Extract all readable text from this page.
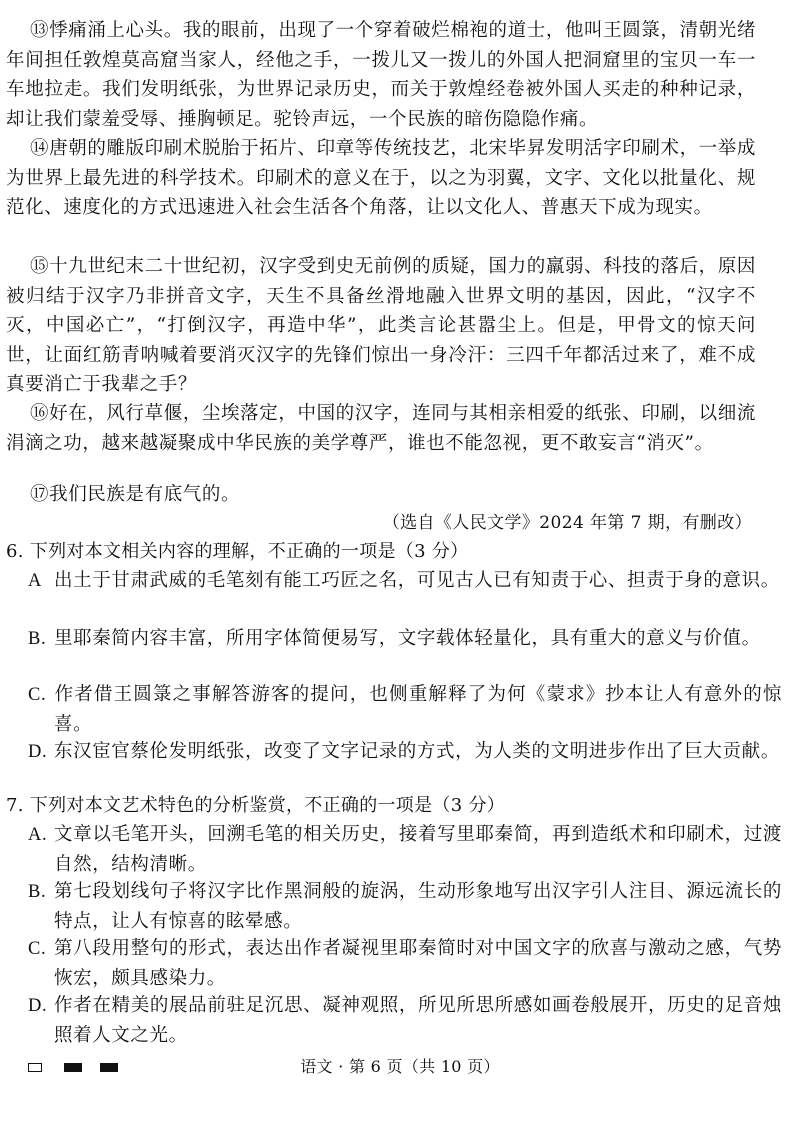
⑬悸痛涌上心头。我的眼前，出现了一个穿着破烂棉袍的道士，他叫王圆箓，清朝光绪年间担任敦煌莫高窟当家人，经他之手，一拨儿又一拨儿的外国人把洞窟里的宝贝一车一车地拉走。我们发明纸张，为世界记录历史，而关于敦煌经卷被外国人买走的种种记录，却让我们蒙羞受辱、捶胸顿足。驼铃声远，一个民族的暗伤隐隐作痛。

⑭唐朝的雕版印刷术脱胎于拓片、印章等传统技艺，北宋毕昇发明活字印刷术，一举成为世界上最先进的科学技术。印刷术的意义在于，以之为羽翼，文字、文化以批量化、规范化、速度化的方式迅速进入社会生活各个角落，让以文化人、普惠天下成为现实。

⑮十九世纪末二十世纪初，汉字受到史无前例的质疑，国力的羸弱、科技的落后，原因被归结于汉字乃非拼音文字，天生不具备丝滑地融入世界文明的基因，因此，“汉字不灭，中国必亡”，“打倒汉字，再造中华”，此类言论甚嚣尘上。但是，甲骨文的惊天问世，让面红筋青呐喊着要消灭汉字的先锋们惊出一身冷汗：三四千年都活过来了，难不成真要消亡于我辈之手？

⑯好在，风行草偃，尘埃落定，中国的汉字，连同与其相亲相爱的纸张、印刷，以细流涓滴之功，越来越凝聚成中华民族的美学尊严，谁也不能忽视，更不敢妄言“消灭”。

⑰我们民族是有底气的。

（选自《人民文学》2024 年第 7 期，有删改）

6. 下列对本文相关内容的理解，不正确的一项是（3 分）

A 出土于甘肃武威的毛笔刻有能工巧匠之名，可见古人已有知责于心、担责于身的意识。

B. 里耶秦简内容丰富，所用字体简便易写，文字载体轻量化，具有重大的意义与价值。

C. 作者借王圆箓之事解答游客的提问，也侧重解释了为何《蒙求》抄本让人有意外的惊喜。

D. 东汉宦官蔡伦发明纸张，改变了文字记录的方式，为人类的文明进步作出了巨大贡献。

7. 下列对本文艺术特色的分析鉴赏，不正确的一项是（3 分）

A. 文章以毛笔开头，回溯毛笔的相关历史，接着写里耶秦简，再到造纸术和印刷术，过渡自然，结构清晰。

B. 第七段划线句子将汉字比作黑洞般的旋涡，生动形象地写出汉字引人注目、源远流长的特点，让人有惊喜的眩晕感。

C. 第八段用整句的形式，表达出作者凝视里耶秦简时对中国文字的欣喜与激动之感，气势恢宏，颇具感染力。

D. 作者在精美的展品前驻足沉思、凝神观照，所见所思所感如画卷般展开，历史的足音烛照着人文之光。

语文 · 第 6 页（共 10 页）
